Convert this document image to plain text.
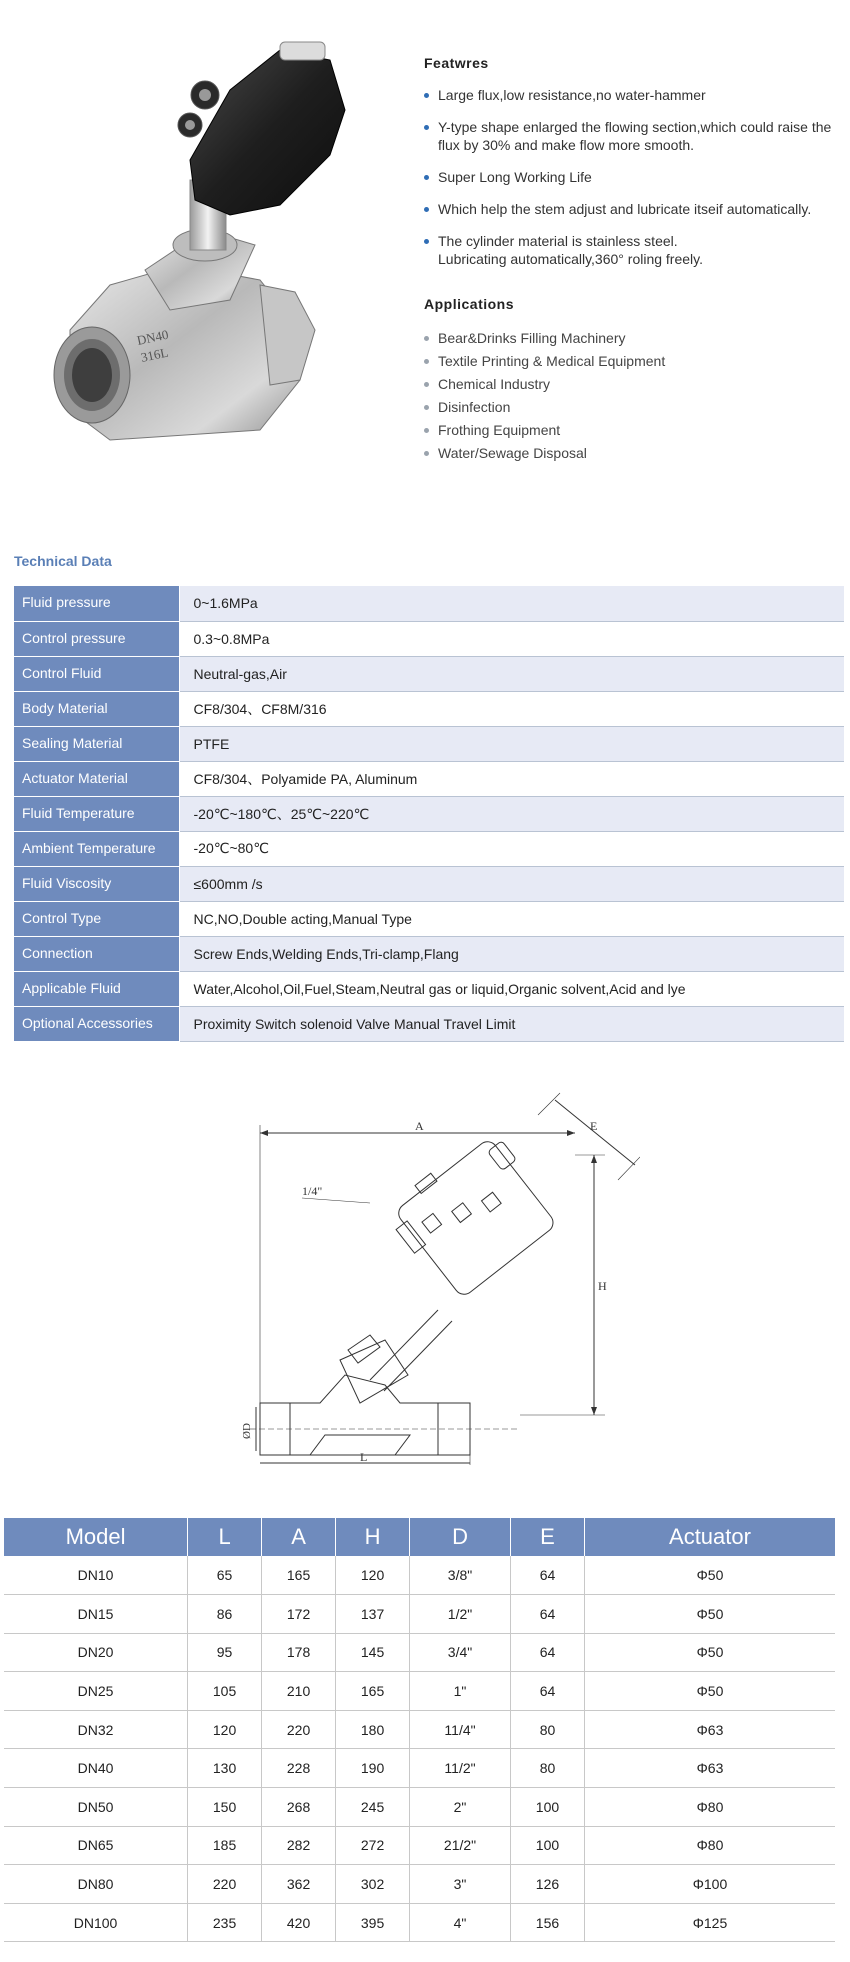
DN40
316L
Featwres
Large flux,low resistance,no water-hammer
Y-type shape enlarged the flowing section,which could raise the flux by 30% and make flow more smooth.
Super Long Working Life
Which help the stem adjust and lubricate itseif automatically.
The cylinder material is stainless steel. Lubricating automatically,360° roling freely.
Applications
Bear&Drinks Filling Machinery
Textile Printing & Medical Equipment
Chemical Industry
Disinfection
Frothing Equipment
Water/Sewage Disposal
Technical Data
Fluid pressure	0~1.6MPa
Control pressure	0.3~0.8MPa
Control Fluid	Neutral-gas,Air
Body Material	CF8/304、CF8M/316
Sealing Material	PTFE
Actuator Material	CF8/304、Polyamide PA, Aluminum
Fluid Temperature	-20℃~180℃、25℃~220℃
Ambient Temperature	-20℃~80℃
Fluid Viscosity	≤600mm /s
Control Type	NC,NO,Double acting,Manual Type
Connection	Screw Ends,Welding Ends,Tri-clamp,Flang
Applicable Fluid	Water,Alcohol,Oil,Fuel,Steam,Neutral gas or liquid,Organic solvent,Acid and lye
Optional Accessories	Proximity Switch solenoid Valve Manual Travel Limit
A	E
H
1/4"
ØD
L
Model	L	A	H	D	E	Actuator
DN10	65	165	120	3/8"	64	Φ50
DN15	86	172	137	1/2"	64	Φ50
DN20	95	178	145	3/4"	64	Φ50
DN25	105	210	165	1"	64	Φ50
DN32	120	220	180	11/4"	80	Φ63
DN40	130	228	190	11/2"	80	Φ63
DN50	150	268	245	2"	100	Φ80
DN65	185	282	272	21/2"	100	Φ80
DN80	220	362	302	3"	126	Φ100
DN100	235	420	395	4"	156	Φ125
